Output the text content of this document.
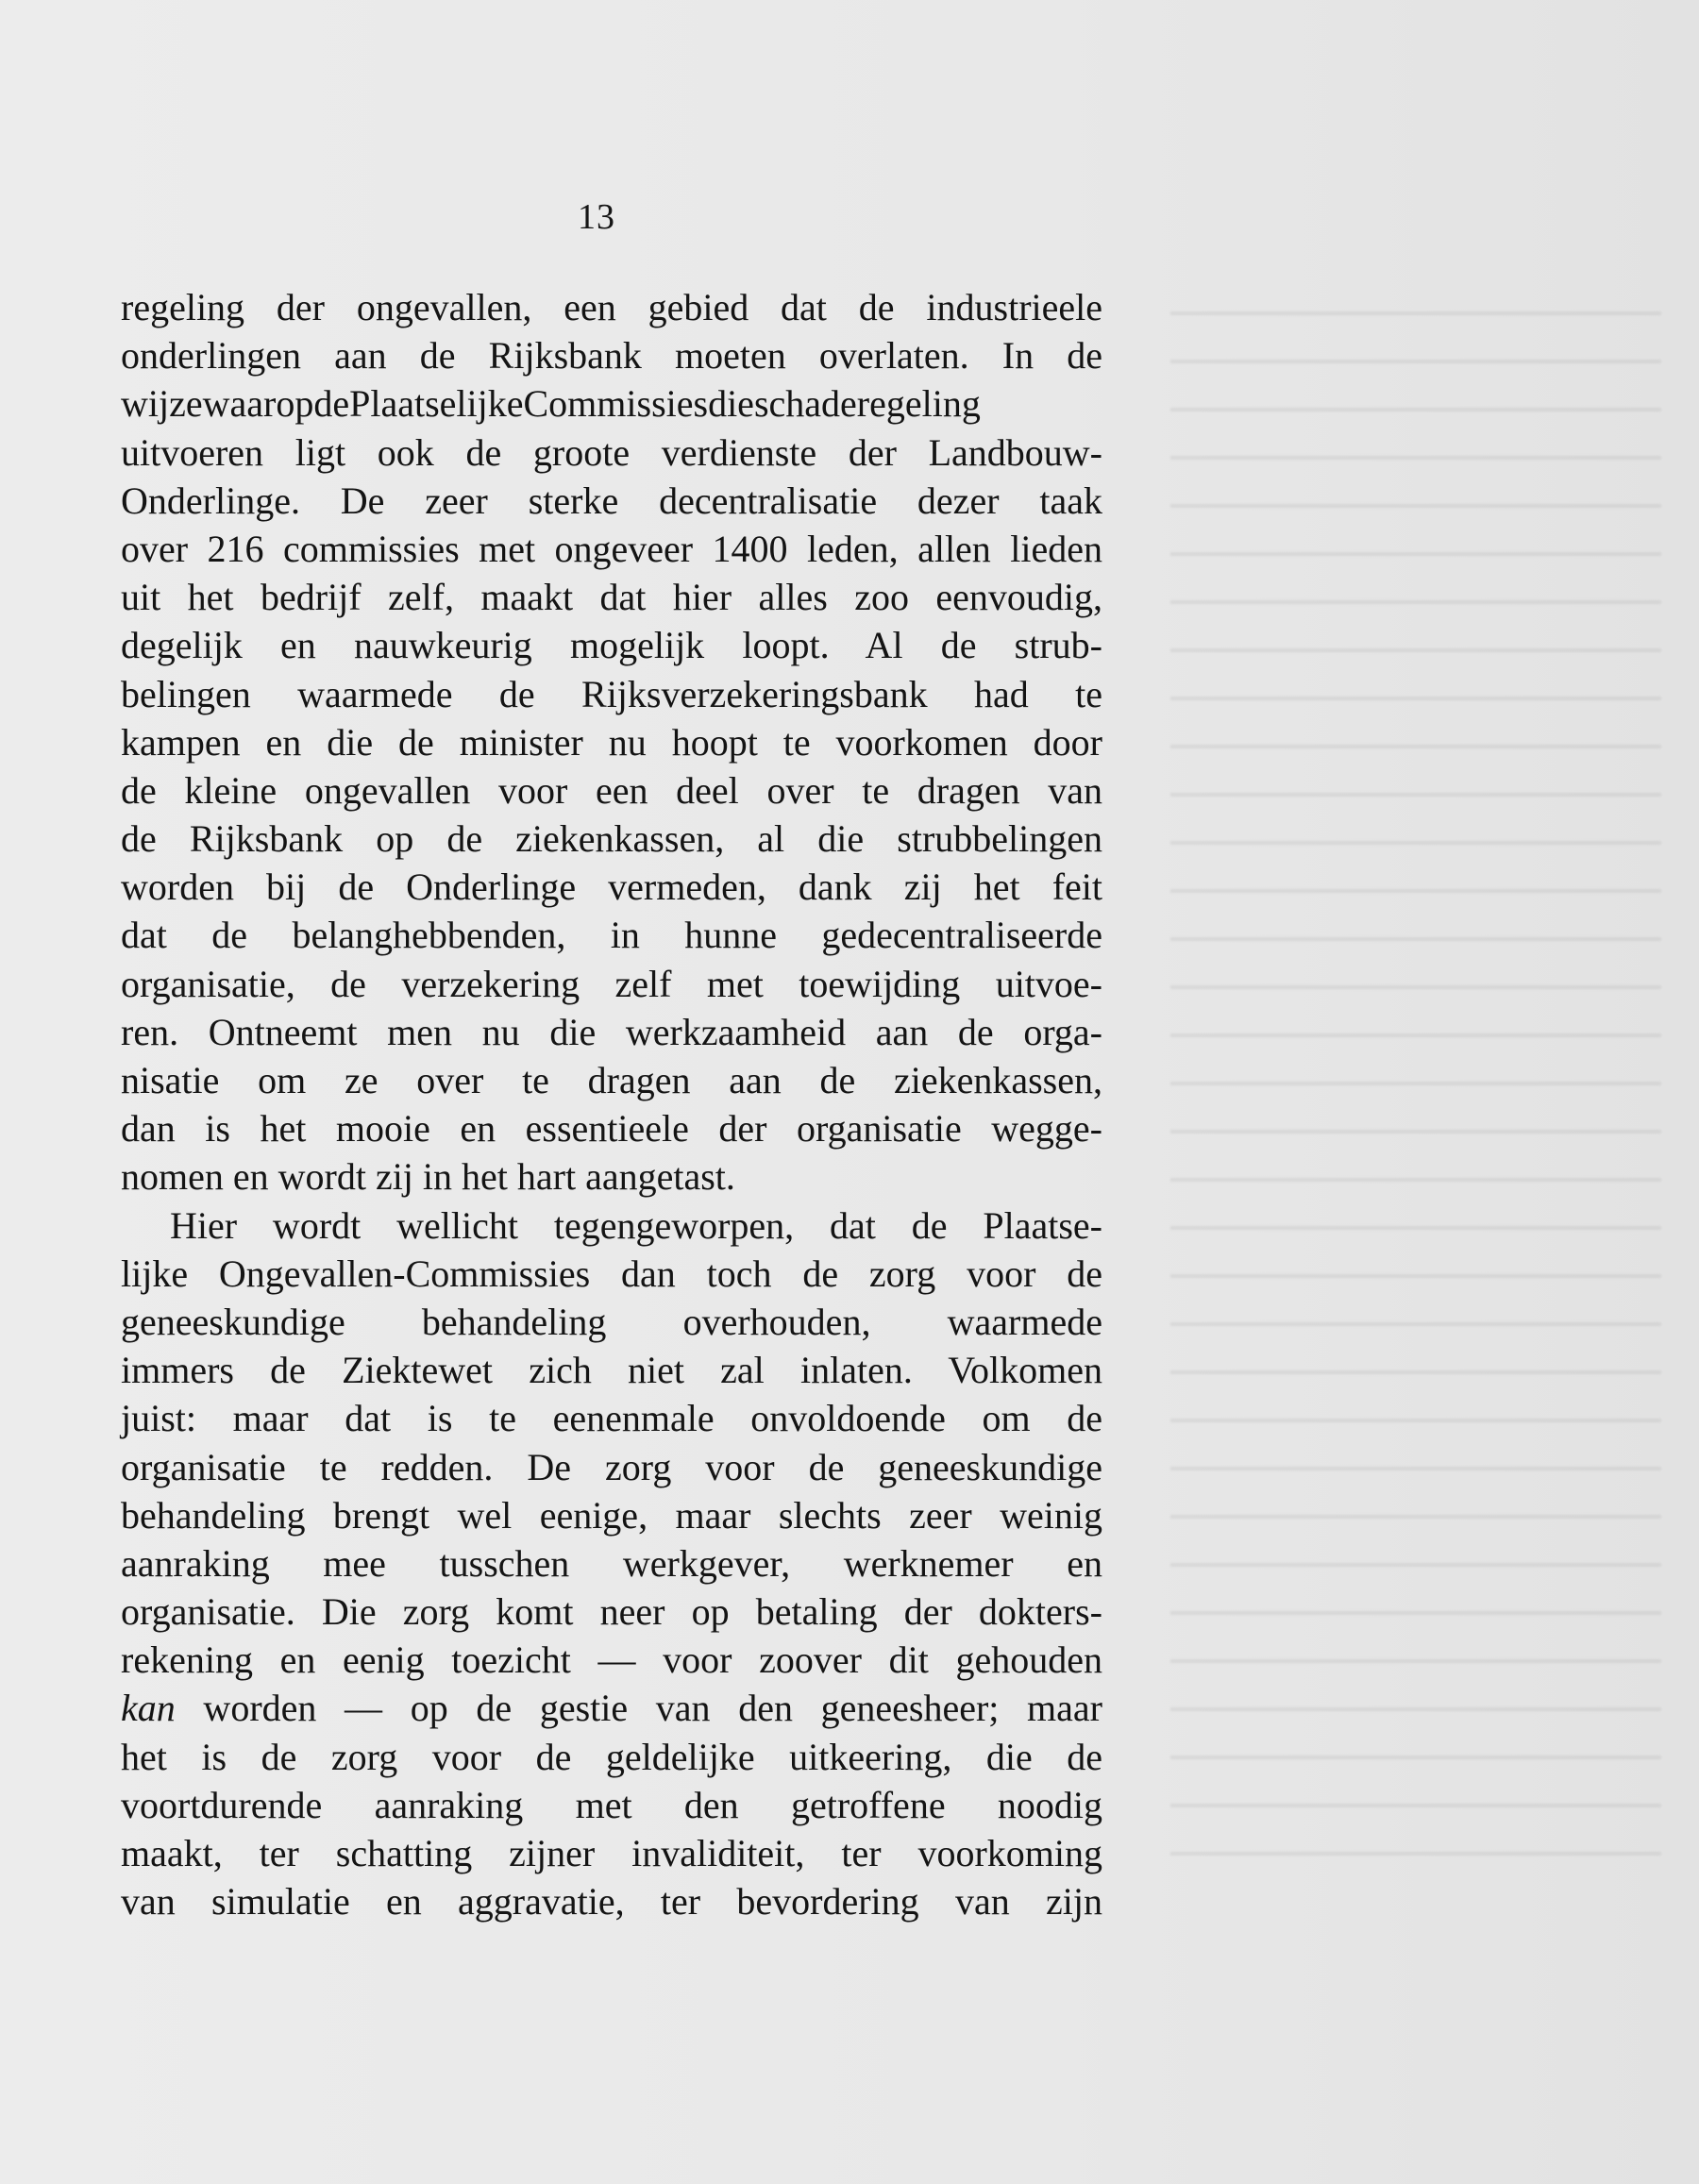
13
regeling der ongevallen, een gebied dat de industrieele
onderlingen aan de Rijksbank moeten overlaten. In de
wijzewaaropdePlaatselijkeCommissiesdieschaderegeling
uitvoeren ligt ook de groote verdienste der Landbouw-
Onderlinge. De zeer sterke decentralisatie dezer taak
over 216 commissies met ongeveer 1400 leden, allen lieden
uit het bedrijf zelf, maakt dat hier alles zoo eenvoudig,
degelijk en nauwkeurig mogelijk loopt. Al de strub-
belingen waarmede de Rijksverzekeringsbank had te
kampen en die de minister nu hoopt te voorkomen door
de kleine ongevallen voor een deel over te dragen van
de Rijksbank op de ziekenkassen, al die strubbelingen
worden bij de Onderlinge vermeden, dank zij het feit
dat de belanghebbenden, in hunne gedecentraliseerde
organisatie, de verzekering zelf met toewijding uitvoe-
ren. Ontneemt men nu die werkzaamheid aan de orga-
nisatie om ze over te dragen aan de ziekenkassen,
dan is het mooie en essentieele der organisatie wegge-
nomen en wordt zij in het hart aangetast.
Hier wordt wellicht tegengeworpen, dat de Plaatse-
lijke Ongevallen-Commissies dan toch de zorg voor de
geneeskundige behandeling overhouden, waarmede
immers de Ziektewet zich niet zal inlaten. Volkomen
juist: maar dat is te eenenmale onvoldoende om de
organisatie te redden. De zorg voor de geneeskundige
behandeling brengt wel eenige, maar slechts zeer weinig
aanraking mee tusschen werkgever, werknemer en
organisatie. Die zorg komt neer op betaling der dokters-
rekening en eenig toezicht — voor zoover dit gehouden
kan worden — op de gestie van den geneesheer; maar
het is de zorg voor de geldelijke uitkeering, die de
voortdurende aanraking met den getroffene noodig
maakt, ter schatting zijner invaliditeit, ter voorkoming
van simulatie en aggravatie, ter bevordering van zijn
